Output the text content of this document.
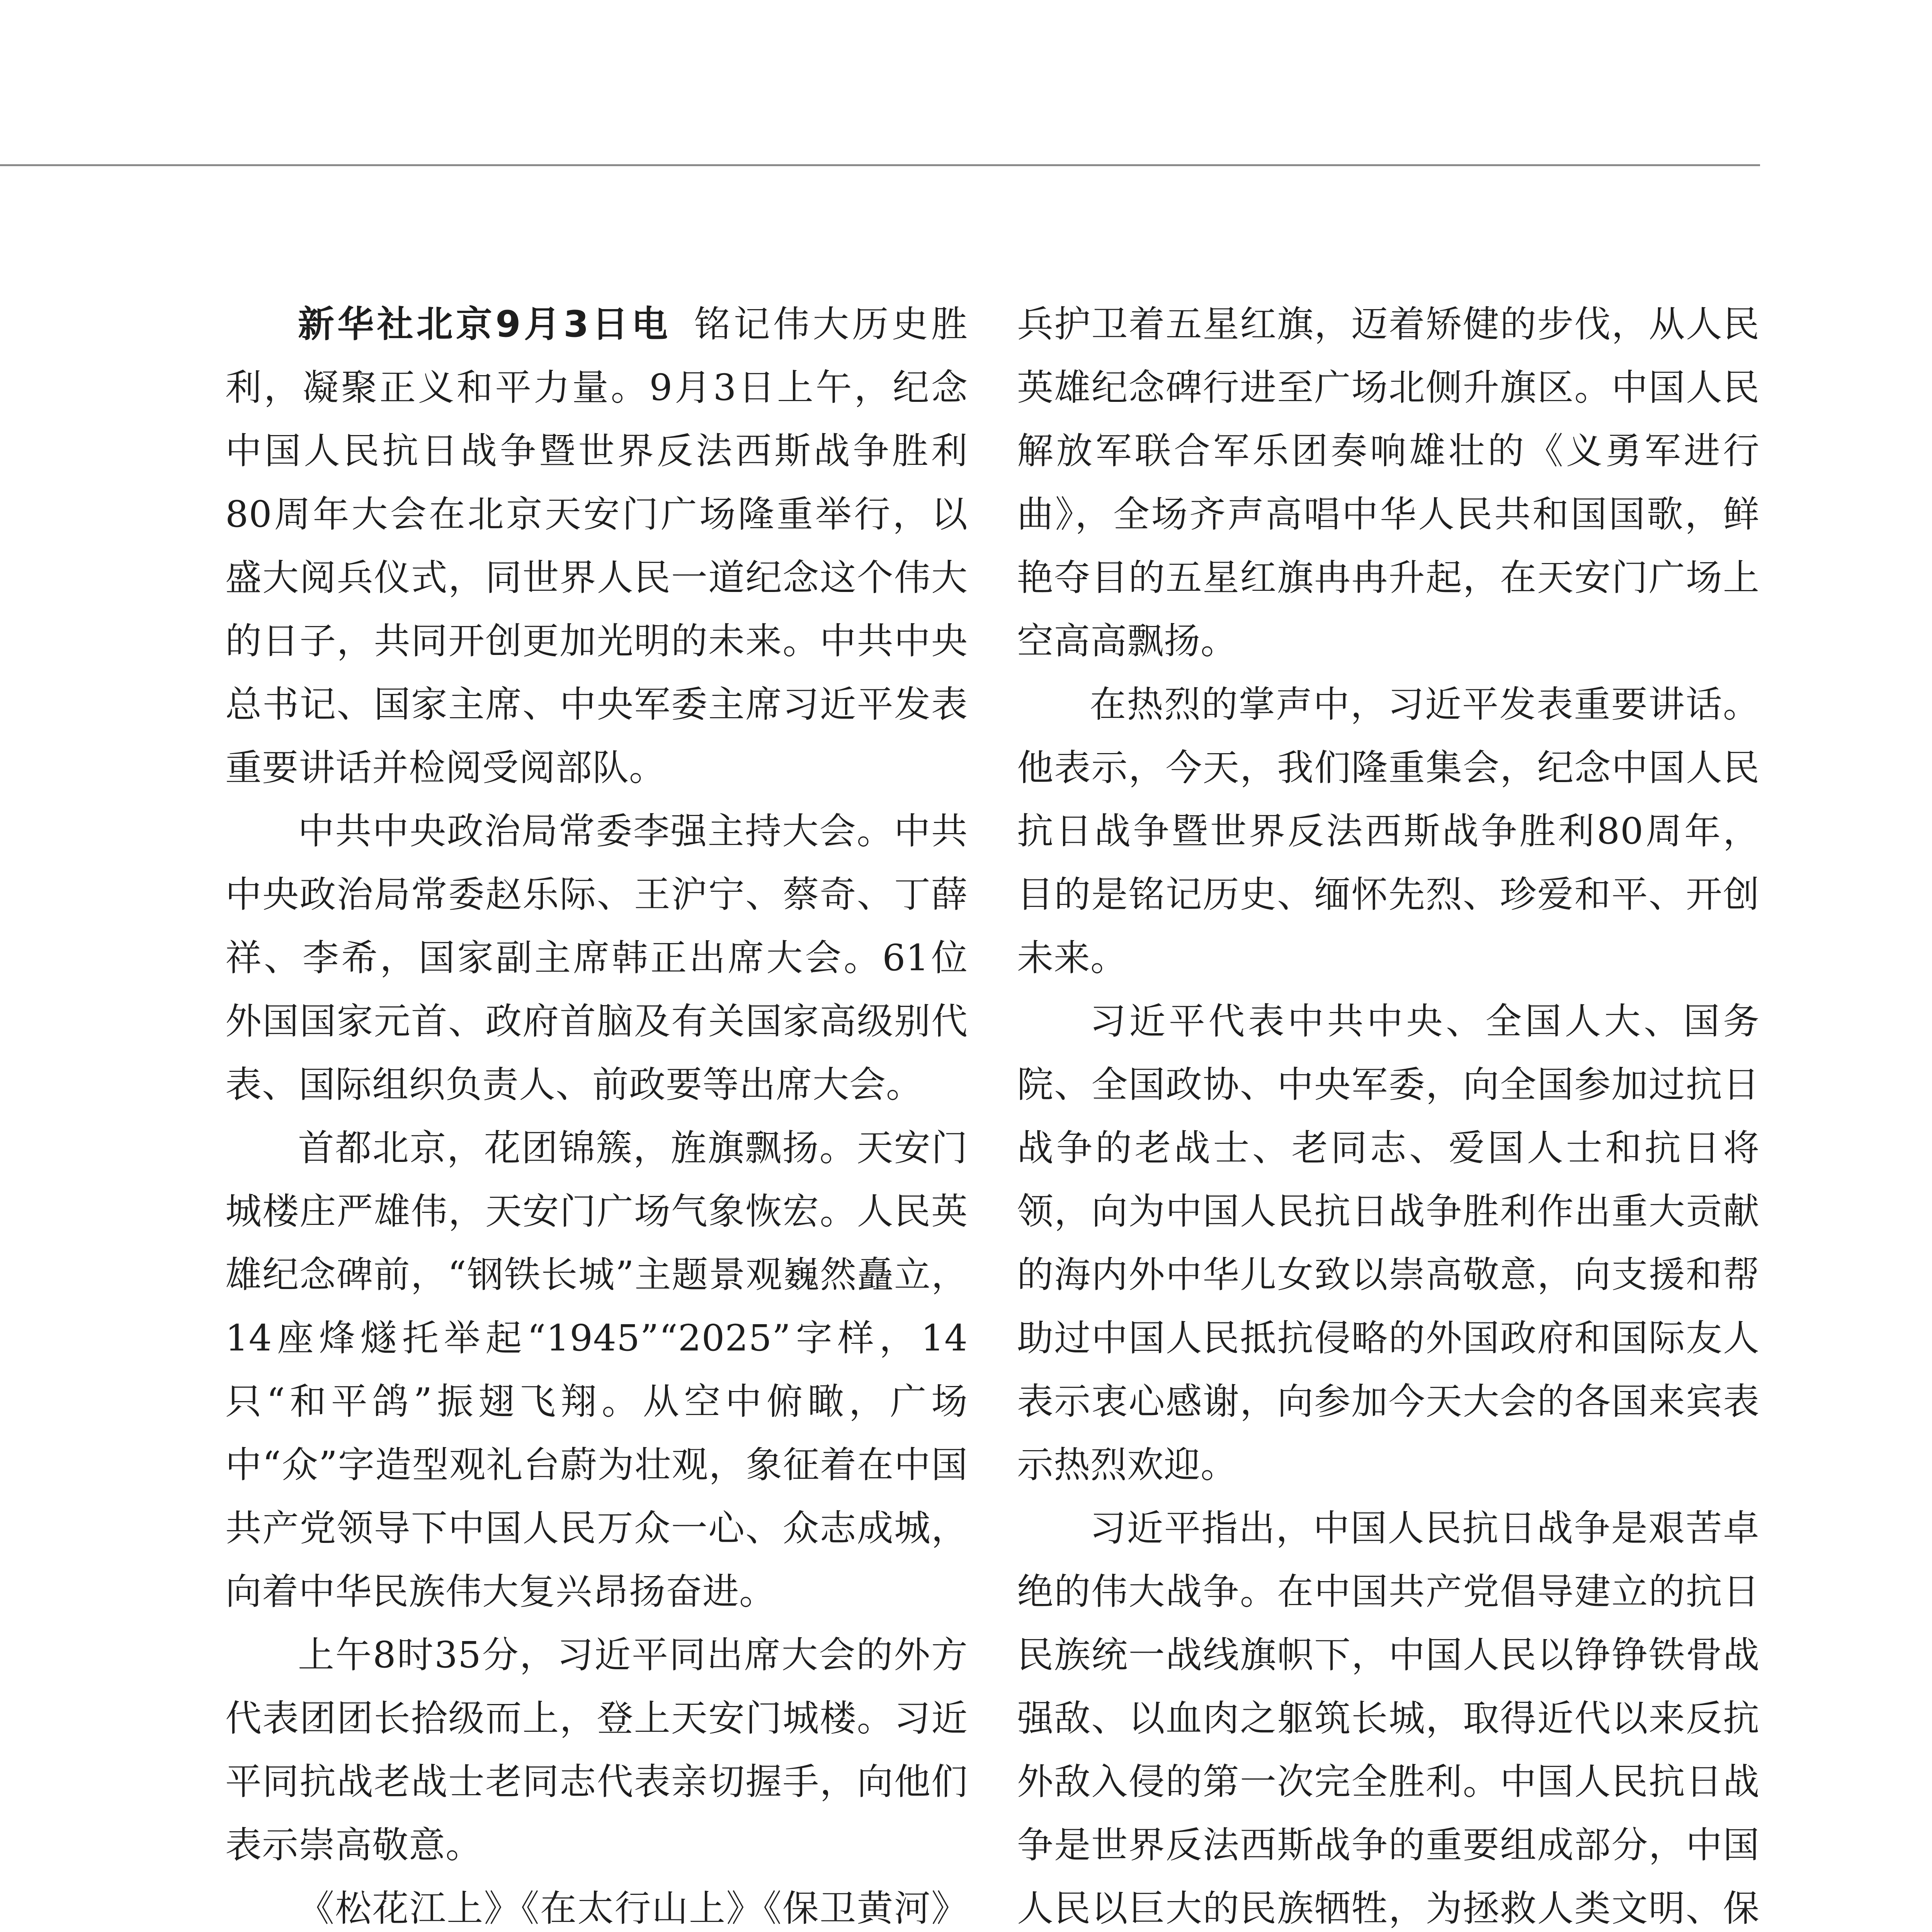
新华社北京9月3日电 铭记伟大历史胜利，凝聚正义和平力量。9月3日上午，纪念中国人民抗日战争暨世界反法西斯战争胜利80周年大会在北京天安门广场隆重举行，以盛大阅兵仪式，同世界人民一道纪念这个伟大的日子，共同开创更加光明的未来。中共中央总书记、国家主席、中央军委主席习近平发表重要讲话并检阅受阅部队。

中共中央政治局常委李强主持大会。中共中央政治局常委赵乐际、王沪宁、蔡奇、丁薛祥、李希，国家副主席韩正出席大会。61位外国国家元首、政府首脑及有关国家高级别代表、国际组织负责人、前政要等出席大会。

首都北京，花团锦簇，旌旗飘扬。天安门城楼庄严雄伟，天安门广场气象恢宏。人民英雄纪念碑前，“钢铁长城”主题景观巍然矗立，14座烽燧托举起“1945”“2025”字样，14只“和平鸽”振翅飞翔。从空中俯瞰，广场中“众”字造型观礼台蔚为壮观，象征着在中国共产党领导下中国人民万众一心、众志成城，向着中华民族伟大复兴昂扬奋进。

上午8时35分，习近平同出席大会的外方代表团团长拾级而上，登上天安门城楼。习近平同抗战老战士老同志代表亲切握手，向他们表示崇高敬意。

《松花江上》《在太行山上》《保卫黄河》

兵护卫着五星红旗，迈着矫健的步伐，从人民英雄纪念碑行进至广场北侧升旗区。中国人民解放军联合军乐团奏响雄壮的《义勇军进行曲》，全场齐声高唱中华人民共和国国歌，鲜艳夺目的五星红旗冉冉升起，在天安门广场上空高高飘扬。

在热烈的掌声中，习近平发表重要讲话。他表示，今天，我们隆重集会，纪念中国人民抗日战争暨世界反法西斯战争胜利80周年，目的是铭记历史、缅怀先烈、珍爱和平、开创未来。

习近平代表中共中央、全国人大、国务院、全国政协、中央军委，向全国参加过抗日战争的老战士、老同志、爱国人士和抗日将领，向为中国人民抗日战争胜利作出重大贡献的海内外中华儿女致以崇高敬意，向支援和帮助过中国人民抵抗侵略的外国政府和国际友人表示衷心感谢，向参加今天大会的各国来宾表示热烈欢迎。

习近平指出，中国人民抗日战争是艰苦卓绝的伟大战争。在中国共产党倡导建立的抗日民族统一战线旗帜下，中国人民以铮铮铁骨战强敌、以血肉之躯筑长城，取得近代以来反抗外敌入侵的第一次完全胜利。中国人民抗日战争是世界反法西斯战争的重要组成部分，中国人民以巨大的民族牺牲，为拯救人类文明、保
